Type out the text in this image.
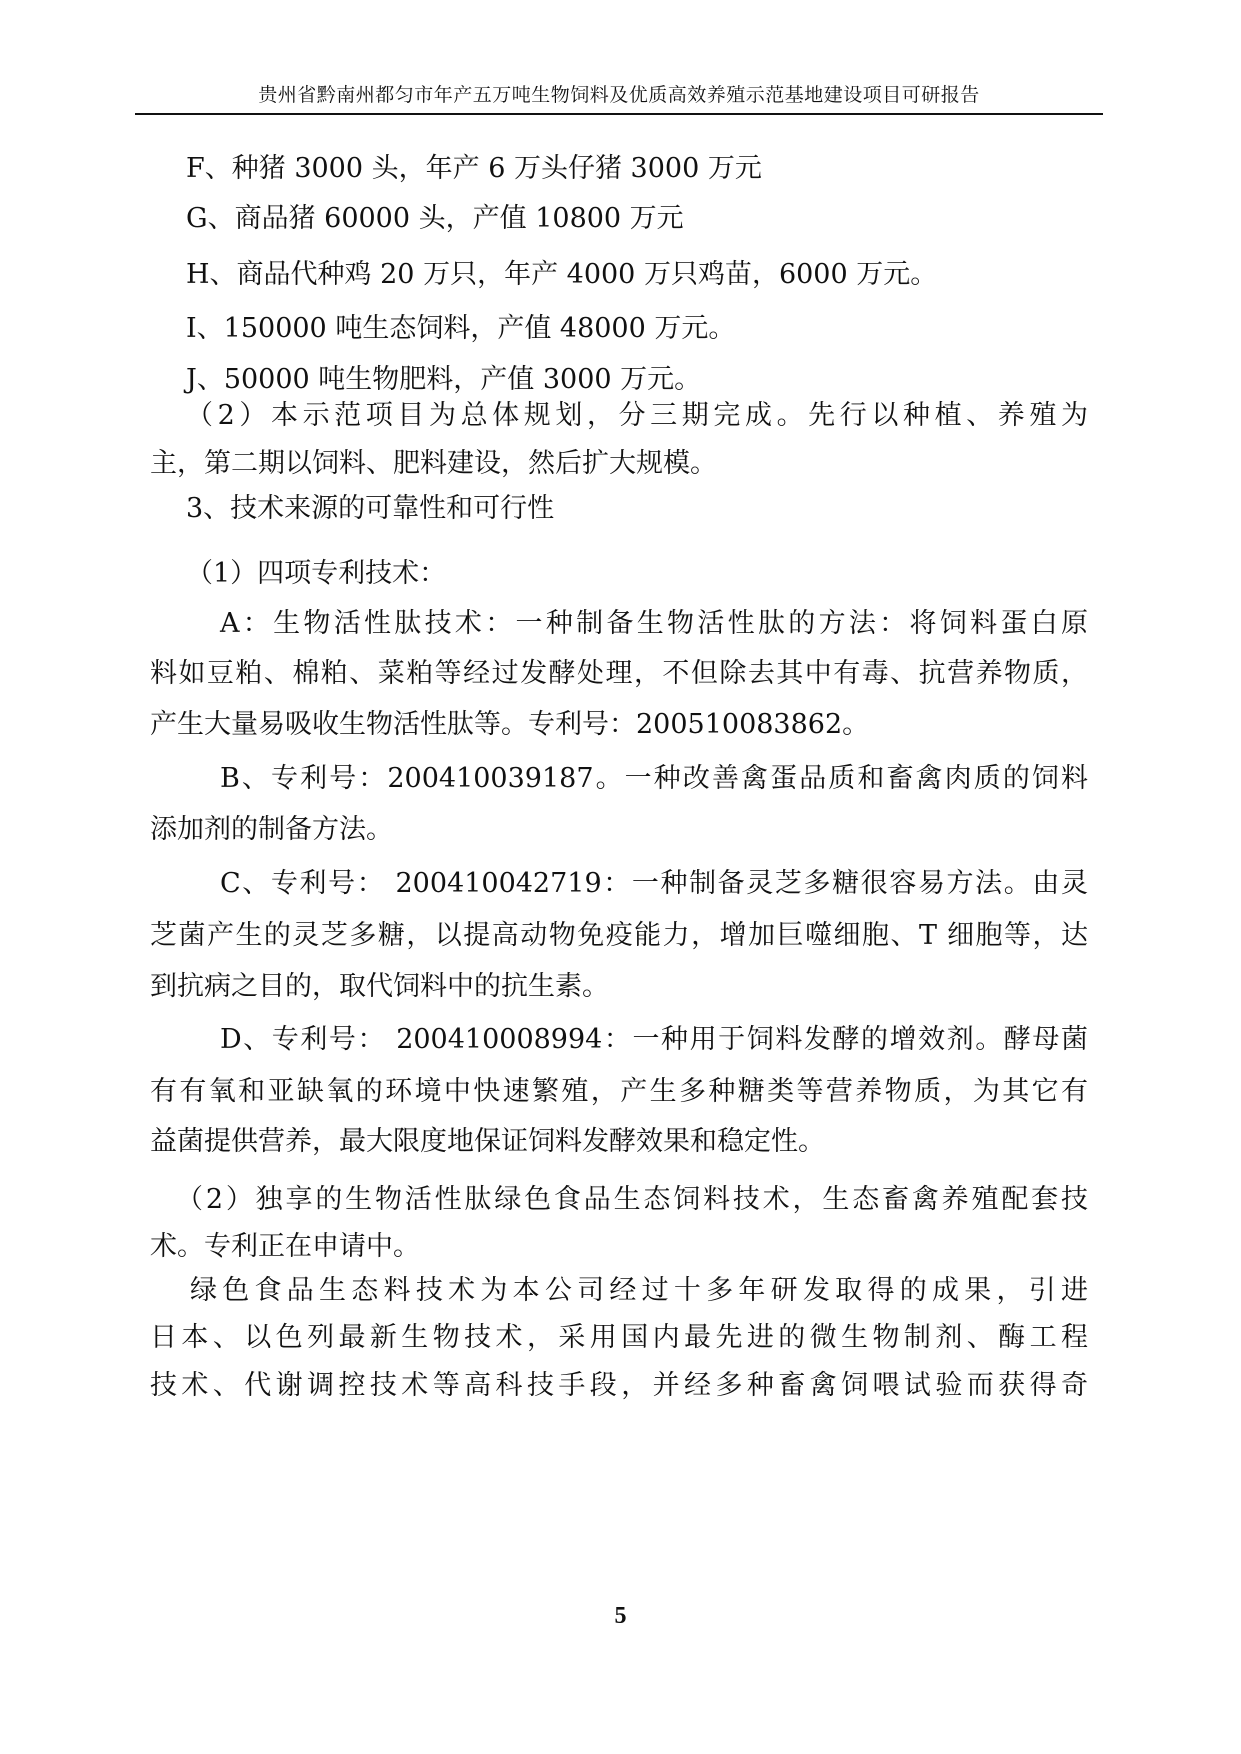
贵州省黔南州都匀市年产五万吨生物饲料及优质高效养殖示范基地建设项目可研报告
F、种猪 3000 头，年产 6 万头仔猪 3000 万元
G、商品猪 60000 头，产值 10800 万元
H、商品代种鸡 20 万只，年产 4000 万只鸡苗，6000 万元。
I、150000 吨生态饲料，产值 48000 万元。
J、50000 吨生物肥料，产值 3000 万元。
（2）本示范项目为总体规划，分三期完成。先行以种植、养殖为
主，第二期以饲料、肥料建设，然后扩大规模。
3、技术来源的可靠性和可行性
（1）四项专利技术：
A：生物活性肽技术：一种制备生物活性肽的方法：将饲料蛋白原
料如豆粕、棉粕、菜粕等经过发酵处理，不但除去其中有毒、抗营养物质，
产生大量易吸收生物活性肽等。专利号：200510083862。
B、专利号：200410039187。一种改善禽蛋品质和畜禽肉质的饲料
添加剂的制备方法。
C、专利号： 200410042719：一种制备灵芝多糖很容易方法。由灵
芝菌产生的灵芝多糖，以提高动物免疫能力，增加巨噬细胞、T 细胞等，达
到抗病之目的，取代饲料中的抗生素。
D、专利号： 200410008994：一种用于饲料发酵的增效剂。酵母菌
有有氧和亚缺氧的环境中快速繁殖，产生多种糖类等营养物质，为其它有
益菌提供营养，最大限度地保证饲料发酵效果和稳定性。
（2）独享的生物活性肽绿色食品生态饲料技术，生态畜禽养殖配套技
术。专利正在申请中。
绿色食品生态料技术为本公司经过十多年研发取得的成果，引进
日本、以色列最新生物技术，采用国内最先进的微生物制剂、酶工程
技术、代谢调控技术等高科技手段，并经多种畜禽饲喂试验而获得奇
5
